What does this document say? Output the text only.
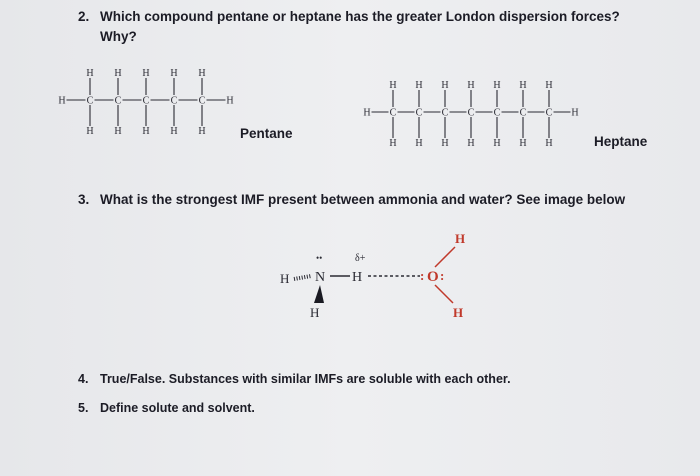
2. Which compound pentane or heptane has the greater London dispersion forces?
Why?
H C
H
H
C
H
H
C
H
H
C
H
H
C
H
H
H
Pentane
H C
H
H
C
H
H
C
H
H
C
H
H
C
H
H
C
H
H
C
H
H
H
Heptane
3. What is the strongest IMF present between ammonia and water? See image below
H
••
N
H
δ+
H	: O :
H
H
4. True/False. Substances with similar IMFs are soluble with each other.
5. Define solute and solvent.
